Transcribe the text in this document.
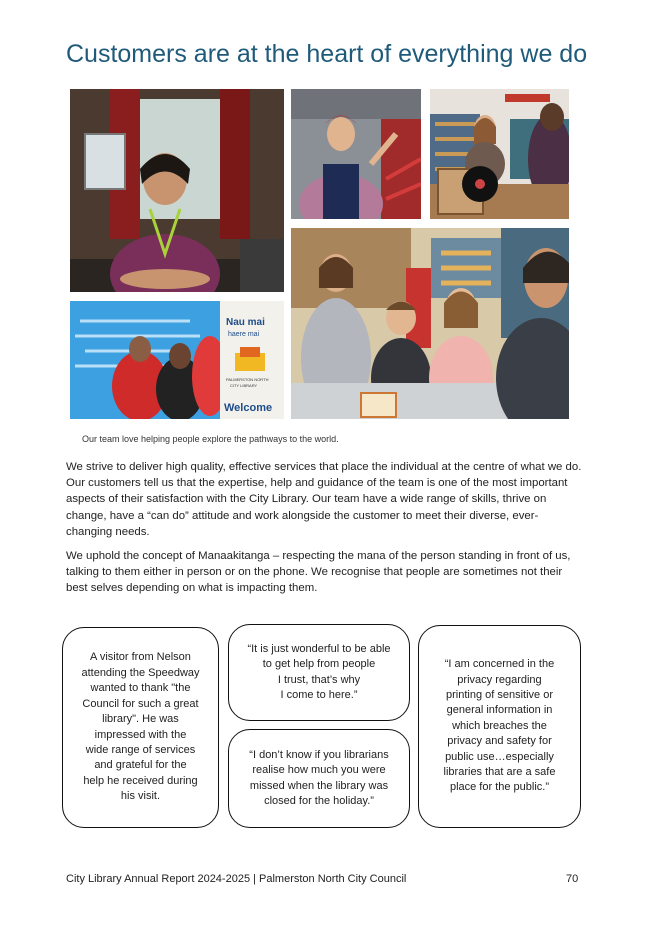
Customers are at the heart of everything we do
Nau mai
haere mai
PALMERSTON NORTH
CITY LIBRARY
Welcome
Our team love helping people explore the pathways to the world.

We strive to deliver high quality, effective services that place the individual at the centre of what we do. Our customers tell us that the expertise, help and guidance of the team is one of the most important aspects of their satisfaction with the City Library. Our team have a wide range of skills, thrive on change, have a “can do” attitude and work alongside the customer to meet their diverse, ever-changing needs.

We uphold the concept of Manaakitanga – respecting the mana of the person standing in front of us, talking to them either in person or on the phone. We recognise that people are sometimes not their best selves depending on what is impacting them.

A visitor from Nelson
attending the Speedway
wanted to thank "the
Council for such a great
library". He was
impressed with the
wide range of services
and grateful for the
help he received during
his visit.
“It is just wonderful to be able
to get help from people
I trust, that’s why
I come to here.”
“I don’t know if you librarians
realise how much you were
missed when the library was
closed for the holiday.”
“I am concerned in the
privacy regarding
printing of sensitive or
general information in
which breaches the
privacy and safety for
public use…especially
libraries that are a safe
place for the public.”
City Library Annual Report 2024-2025 | Palmerston North City Council	70
